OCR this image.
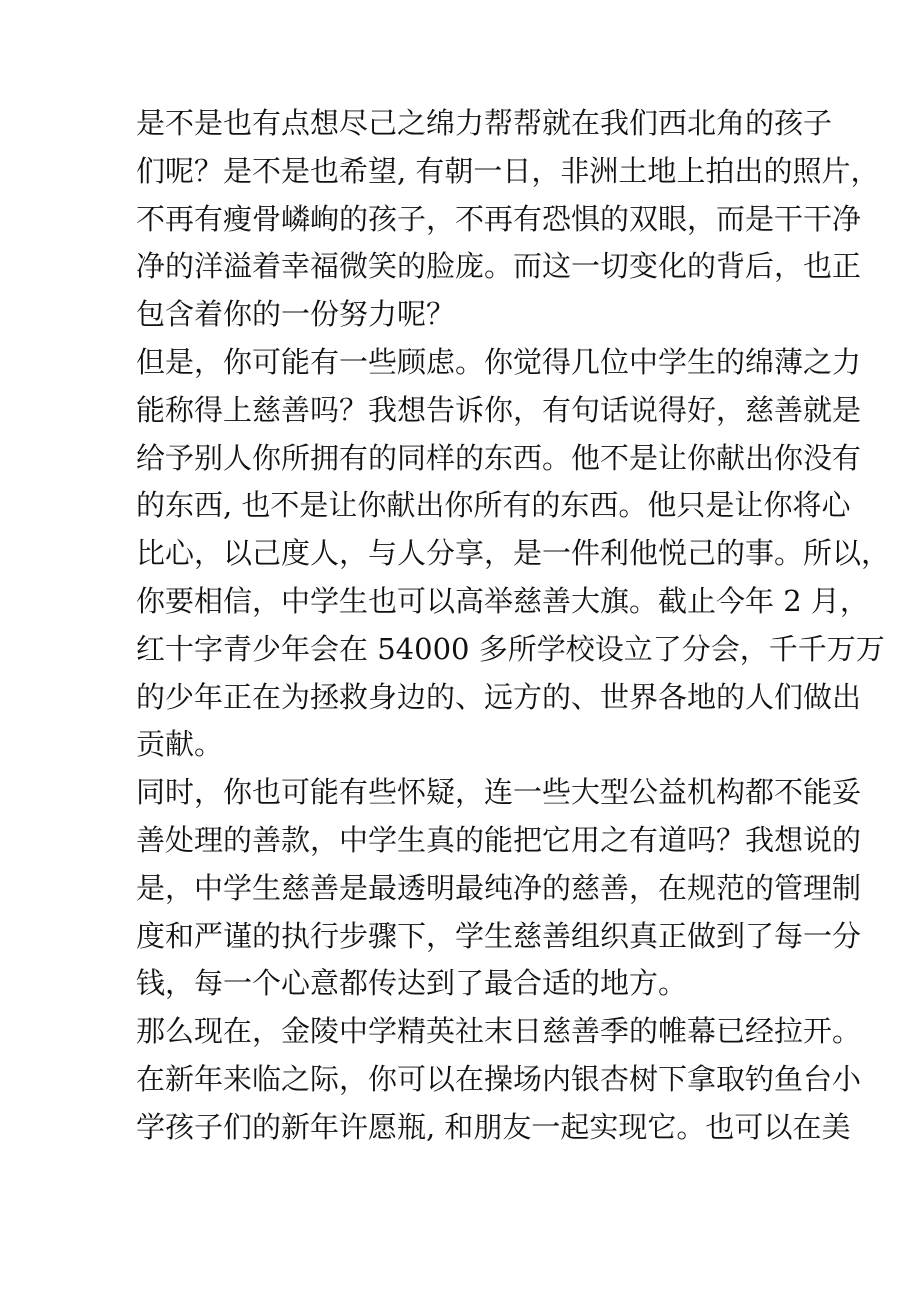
是不是也有点想尽己之绵力帮帮就在我们西北角的孩子
们呢？是不是也希望, 有朝一日，非洲土地上拍出的照片，
不再有瘦骨嶙峋的孩子，不再有恐惧的双眼，而是干干净
净的洋溢着幸福微笑的脸庞。而这一切变化的背后，也正
包含着你的一份努力呢？
但是，你可能有一些顾虑。你觉得几位中学生的绵薄之力
能称得上慈善吗？我想告诉你，有句话说得好，慈善就是
给予别人你所拥有的同样的东西。他不是让你献出你没有
的东西, 也不是让你献出你所有的东西。他只是让你将心
比心，以己度人，与人分享，是一件利他悦己的事。所以，
你要相信，中学生也可以高举慈善大旗。截止今年 2 月，
红十字青少年会在 54000 多所学校设立了分会，千千万万
的少年正在为拯救身边的、远方的、世界各地的人们做出
贡献。
同时，你也可能有些怀疑，连一些大型公益机构都不能妥
善处理的善款，中学生真的能把它用之有道吗？我想说的
是，中学生慈善是最透明最纯净的慈善，在规范的管理制
度和严谨的执行步骤下，学生慈善组织真正做到了每一分
钱，每一个心意都传达到了最合适的地方。
那么现在，金陵中学精英社末日慈善季的帷幕已经拉开。
在新年来临之际，你可以在操场内银杏树下拿取钓鱼台小
学孩子们的新年许愿瓶, 和朋友一起实现它。也可以在美
